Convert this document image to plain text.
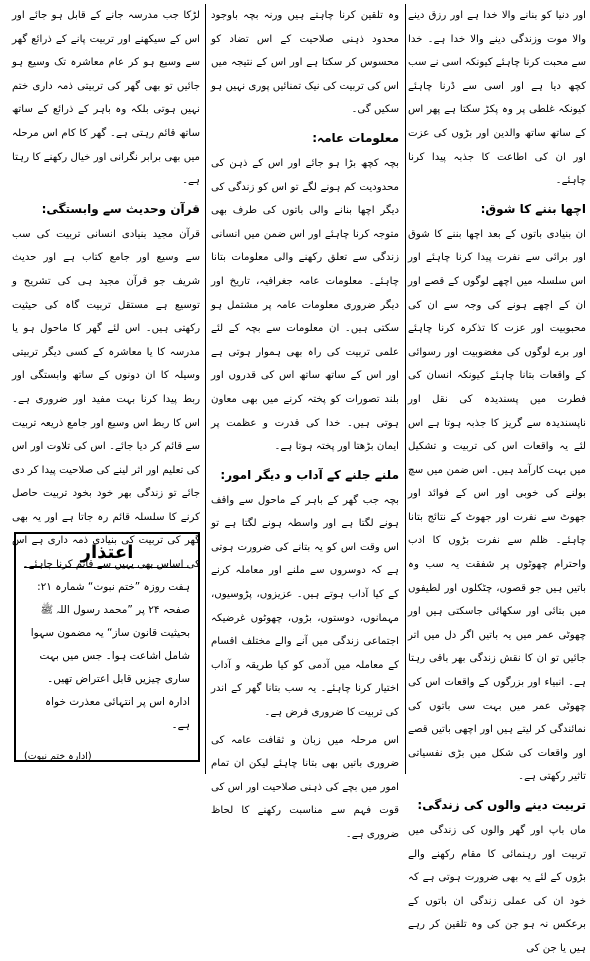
اور دنیا کو بنانے والا خدا ہے اور رزق دینے والا موت وزندگی دینے والا خدا ہے۔ خدا سے محبت کرنا چاہئے کیونکہ اسی نے سب کچھ دیا ہے اور اسی سے ڈرنا چاہئے کیونکہ غلطی پر وہ پکڑ سکتا ہے پھر اس کے ساتھ ساتھ والدین اور بڑوں کی عزت اور ان کی اطاعت کا جذبہ پیدا کرنا چاہئے۔

اچھا بننے کا شوق:

ان بنیادی باتوں کے بعد اچھا بننے کا شوق اور برائی سے نفرت پیدا کرنا چاہئے اور اس سلسلہ میں اچھے لوگوں کے قصے اور ان کے اچھے ہونے کی وجہ سے ان کی محبوبیت اور عزت کا تذکرہ کرنا چاہئے اور برے لوگوں کی مغضوبیت اور رسوائی کے واقعات بتانا چاہئے کیونکہ انسان کی فطرت میں پسندیدہ کی نقل اور ناپسندیدہ سے گریز کا جذبہ ہوتا ہے اس لئے یہ واقعات اس کی تربیت و تشکیل میں بہت کارآمد ہیں۔ اس ضمن میں سچ بولنے کی خوبی اور اس کے فوائد اور جھوٹ سے نفرت اور جھوٹ کے نتائج بتانا چاہئے۔ ظلم سے نفرت بڑوں کا ادب واحترام چھوٹوں پر شفقت یہ سب وہ باتیں ہیں جو قصوں، چٹکلوں اور لطیفوں میں بتائی اور سکھائی جاسکتی ہیں اور چھوٹی عمر میں یہ باتیں اگر دل میں اتر جائیں تو ان کا نقش زندگی بھر باقی رہتا ہے۔ انبیاء اور بزرگوں کے واقعات اس کی چھوٹی عمر میں بہت سی باتوں کی نمائندگی کر لیتے ہیں اور اچھی باتیں قصے اور واقعات کی شکل میں بڑی نفسیاتی تاثیر رکھتی ہے۔

تربیت دینے والوں کی زندگی:

ماں باپ اور گھر والوں کی زندگی میں تربیت اور رہنمائی کا مقام رکھنے والے بڑوں کے لئے یہ بھی ضرورت ہوتی ہے کہ خود ان کی عملی زندگی ان باتوں کے برعکس نہ ہو جن کی وہ تلقین کر رہے ہیں یا جن کی

وہ تلقین کرنا چاہتے ہیں ورنہ بچہ باوجود محدود ذہنی صلاحیت کے اس تضاد کو محسوس کر سکتا ہے اور اس کے نتیجہ میں اس کی تربیت کی نیک تمنائیں پوری نہیں ہو سکیں گی۔

معلومات عامہ:

بچہ کچھ بڑا ہو جائے اور اس کے ذہن کی محدودیت کم ہونے لگے تو اس کو زندگی کی دیگر اچھا بنانے والی باتوں کی طرف بھی متوجہ کرنا چاہئے اور اس ضمن میں انسانی زندگی سے تعلق رکھنے والی معلومات بتانا چاہئے۔ معلومات عامہ جغرافیہ، تاریخ اور دیگر ضروری معلومات عامہ پر مشتمل ہو سکتی ہیں۔ ان معلومات سے بچہ کے لئے علمی تربیت کی راہ بھی ہموار ہوتی ہے اور اس کے ساتھ ساتھ اس کی قدروں اور بلند تصورات کو پختہ کرنے میں بھی معاون ہوتی ہیں۔ خدا کی قدرت و عظمت پر ایمان بڑھتا اور پختہ ہوتا ہے۔

ملنے جلنے کے آداب و دیگر امور:

بچہ جب گھر کے باہر کے ماحول سے واقف ہونے لگتا ہے اور واسطہ ہونے لگتا ہے تو اس وقت اس کو یہ بتانے کی ضرورت ہوتی ہے کہ دوسروں سے ملنے اور معاملہ کرنے کے کیا آداب ہوتے ہیں۔ عزیزوں، پڑوسیوں، مہمانوں، دوستوں، بڑوں، چھوٹوں غرضیکہ اجتماعی زندگی میں آنے والے مختلف اقسام کے معاملہ میں آدمی کو کیا طریقہ و آداب اختیار کرنا چاہئے۔ یہ سب بتانا گھر کے اندر کی تربیت کا ضروری فرض ہے۔

اس مرحلہ میں زبان و ثقافت عامہ کی ضروری باتیں بھی بتانا چاہئے لیکن ان تمام امور میں بچے کی ذہنی صلاحیت اور اس کی قوت فہم سے مناسبت رکھنے کا لحاظ ضروری ہے۔

لڑکا جب مدرسہ جانے کے قابل ہو جائے اور اس کے سیکھنے اور تربیت پانے کے ذرائع گھر سے وسیع ہو کر عام معاشرہ تک وسیع ہو جائیں تو بھی گھر کی تربیتی ذمہ داری ختم نہیں ہوتی بلکہ وہ باہر کے ذرائع کے ساتھ ساتھ قائم رہتی ہے۔ گھر کا کام اس مرحلہ میں بھی برابر نگرانی اور خیال رکھنے کا رہتا ہے۔

قرآن وحدیث سے وابستگی:

قرآن مجید بنیادی انسانی تربیت کی سب سے وسیع اور جامع کتاب ہے اور حدیث شریف جو قرآن مجید ہی کی تشریح و توسیع ہے مستقل تربیت گاہ کی حیثیت رکھتی ہیں۔ اس لئے گھر کا ماحول ہو یا مدرسہ کا یا معاشرہ کے کسی دیگر تربیتی وسیلہ کا ان دونوں کے ساتھ وابستگی اور ربط پیدا کرنا بہت مفید اور ضروری ہے۔ اس کا ربط اس وسیع اور جامع ذریعہ تربیت سے قائم کر دیا جائے۔ اس کی تلاوت اور اس کی تعلیم اور اثر لینے کی صلاحیت پیدا کر دی جائے تو زندگی بھر خود بخود تربیت حاصل کرنے کا سلسلہ قائم رہ جاتا ہے اور یہ بھی گھر کی تربیت کی بنیادی ذمہ داری ہے اس کی اساس بھی یہیں سے قائم کرنا چاہئے۔

اعتذار

ہفت روزہ ”ختم نبوت“ شمارہ ۲۱:

صفحہ ۲۴ پر ”محمد رسول اللہ ﷺ

بحیثیت قانون ساز“ یہ مضمون سہوا

شامل اشاعت ہوا۔ جس میں بہت

ساری چیزیں قابل اعتراض تھیں۔

ادارہ اس پر انتہائی معذرت خواہ ہے۔

(ادارہ ختم نبوت)
